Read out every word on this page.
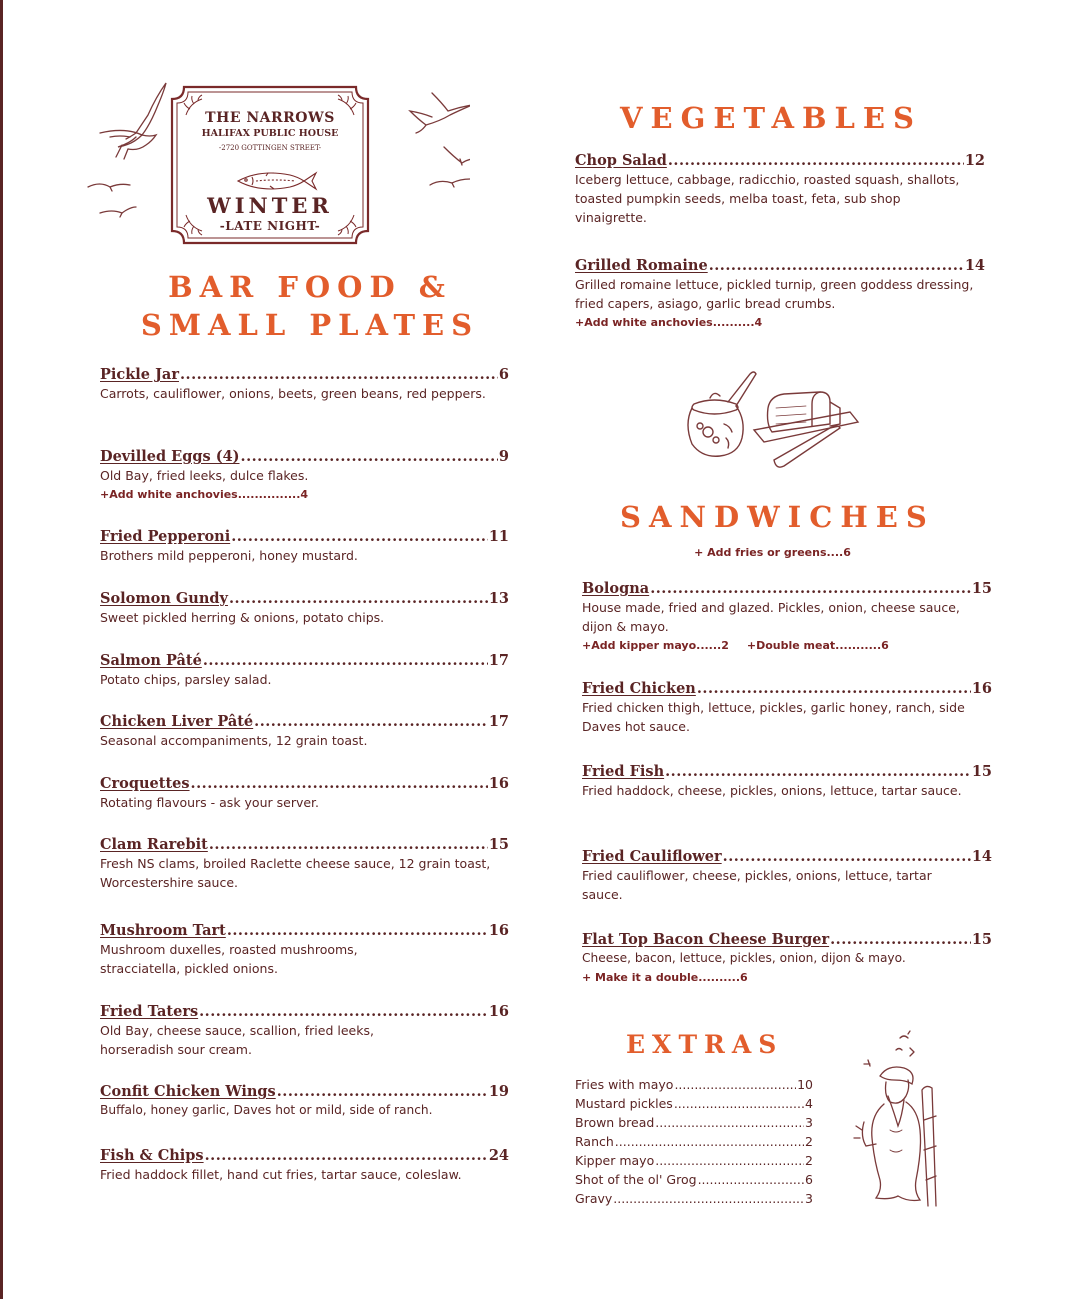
THE NARROWS
HALIFAX PUBLIC HOUSE
-2720 GOTTINGEN STREET-
WINTER
-LATE NIGHT-
BAR FOOD &
SMALL PLATES
Pickle Jar .....	6
Carrots, cauliflower, onions, beets, green beans, red peppers.
Devilled Eggs (4) .....	9
Old Bay, fried leeks, dulce flakes.
+Add white anchovies...............4
Fried Pepperoni .....	11
Brothers mild pepperoni, honey mustard.
Solomon Gundy .....	13
Sweet pickled herring & onions, potato chips.
Salmon Pâté .....	17
Potato chips, parsley salad.
Chicken Liver Pâté .....	17
Seasonal accompaniments, 12 grain toast.
Croquettes .....	16
Rotating flavours - ask your server.
Clam Rarebit .....	15
Fresh NS clams, broiled Raclette cheese sauce, 12 grain toast, Worcestershire sauce.
Mushroom Tart .....	16
Mushroom duxelles, roasted mushrooms, stracciatella, pickled onions.
Fried Taters .....	16
Old Bay, cheese sauce, scallion, fried leeks, horseradish sour cream.
Confit Chicken Wings .....	19
Buffalo, honey garlic, Daves hot or mild, side of ranch.
Fish & Chips .....	24
Fried haddock fillet, hand cut fries, tartar sauce, coleslaw.
VEGETABLES
Chop Salad .....	12
Iceberg lettuce, cabbage, radicchio, roasted squash, shallots, toasted pumpkin seeds, melba toast, feta, sub shop vinaigrette.
Grilled Romaine .....	14
Grilled romaine lettuce, pickled turnip, green goddess dressing, fried capers, asiago, garlic bread crumbs.
+Add white anchovies..........4
SANDWICHES
+ Add fries or greens....6
Bologna .....	15
House made, fried and glazed. Pickles, onion, cheese sauce, dijon & mayo.
+Add kipper mayo......2 +Double meat...........6
Fried Chicken .....	16
Fried chicken thigh, lettuce, pickles, garlic honey, ranch, side Daves hot sauce.
Fried Fish .....	15
Fried haddock, cheese, pickles, onions, lettuce, tartar sauce.
Fried Cauliflower .....	14
Fried cauliflower, cheese, pickles, onions, lettuce, tartar sauce.
Flat Top Bacon Cheese Burger .....	15
Cheese, bacon, lettuce, pickles, onion, dijon & mayo.
+ Make it a double..........6
EXTRAS
Fries with mayo .....	10
Mustard pickles .....	4
Brown bread .....	3
Ranch .....	2
Kipper mayo .....	2
Shot of the ol' Grog .....	6
Gravy .....	3
